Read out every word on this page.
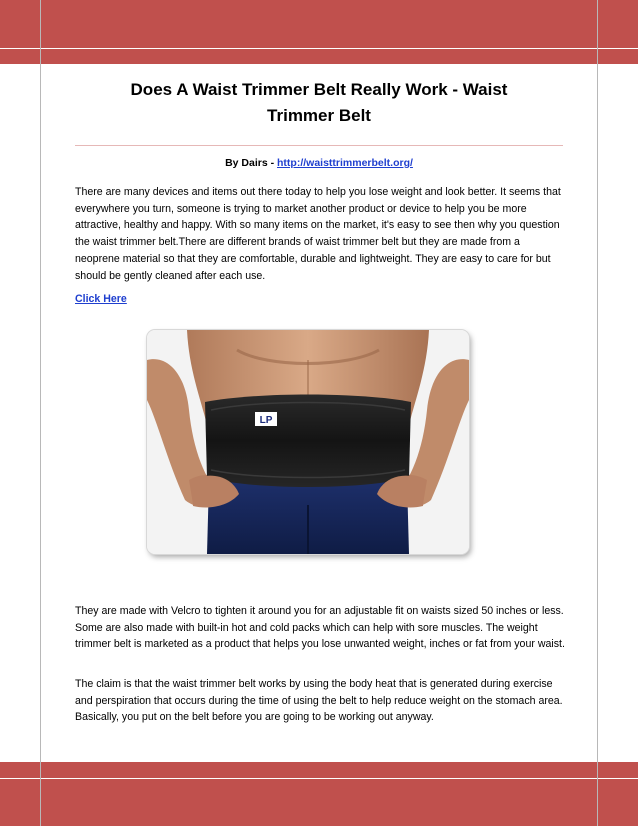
Does A Waist Trimmer Belt Really Work - Waist Trimmer Belt
By Dairs - http://waisttrimmerbelt.org/

There are many devices and items out there today to help you lose weight and look better. It seems that everywhere you turn, someone is trying to market another product or device to help you be more attractive, healthy and happy. With so many items on the market, it's easy to see then why you question the waist trimmer belt.There are different brands of waist trimmer belt but they are made from a neoprene material so that they are comfortable, durable and lightweight. They are easy to care for but should be gently cleaned after each use.

Click Here
LP

They are made with Velcro to tighten it around you for an adjustable fit on waists sized 50 inches or less. Some are also made with built-in hot and cold packs which can help with sore muscles. The weight trimmer belt is marketed as a product that helps you lose unwanted weight, inches or fat from your waist.

The claim is that the waist trimmer belt works by using the body heat that is generated during exercise and perspiration that occurs during the time of using the belt to help reduce weight on the stomach area. Basically, you put on the belt before you are going to be working out anyway.
